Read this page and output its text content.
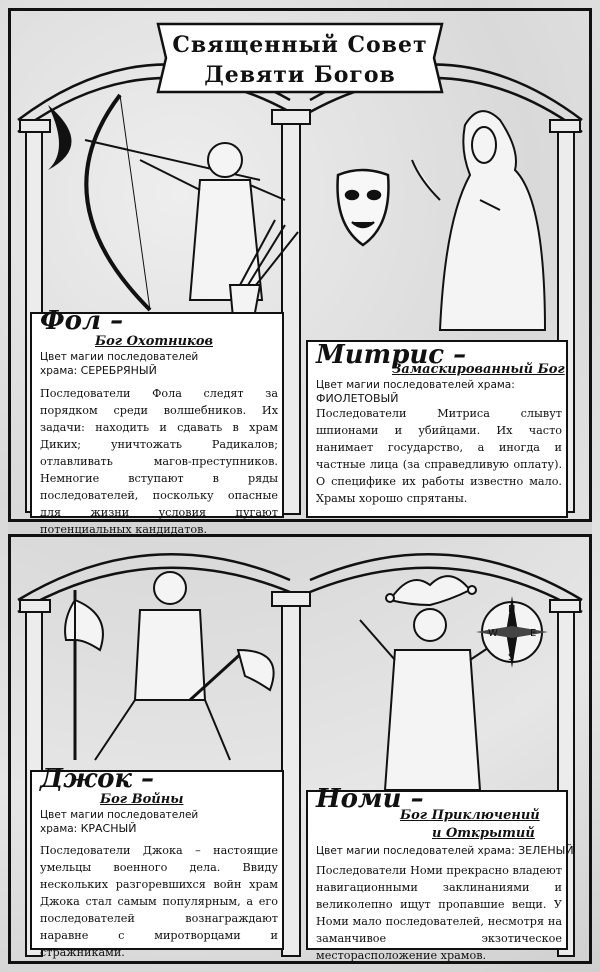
N
S
W	E
Священный Совет
Девяти Богов
Фол –
Бог Охотников
Цвет магии последователей
храма: СЕРЕБРЯНЫЙ
Последователи Фола следят за порядком среди волшебников. Их задачи: находить и сдавать в храм Диких; уничтожать Радикалов; отлавливать магов-преступников. Немногие вступают в ряды последователей, поскольку опасные для жизни условия пугают потенциальных кандидатов.
Митрис –
Замаскированный Бог
Цвет магии последователей храма:
ФИОЛЕТОВЫЙ
Последователи Митриса слывут шпионами и убийцами. Их часто нанимает государство, а иногда и частные лица (за справедливую оплату). О специфике их работы известно мало. Храмы хорошо спрятаны.
Джок –
Бог Войны
Цвет магии последователей
храма: КРАСНЫЙ
Последователи Джока – настоящие умельцы военного дела. Ввиду нескольких разгоревшихся войн храм Джока стал самым популярным, а его последователей вознаграждают наравне с миротворцами и стражниками.
Номи –
Бог Приключений
и Открытий
Цвет магии последователей храма: ЗЕЛЕНЫЙ
Последователи Номи прекрасно владеют навигационными заклинаниями и великолепно ищут пропавшие вещи. У Номи мало последователей, несмотря на заманчивое экзотическое месторасположение храмов.
